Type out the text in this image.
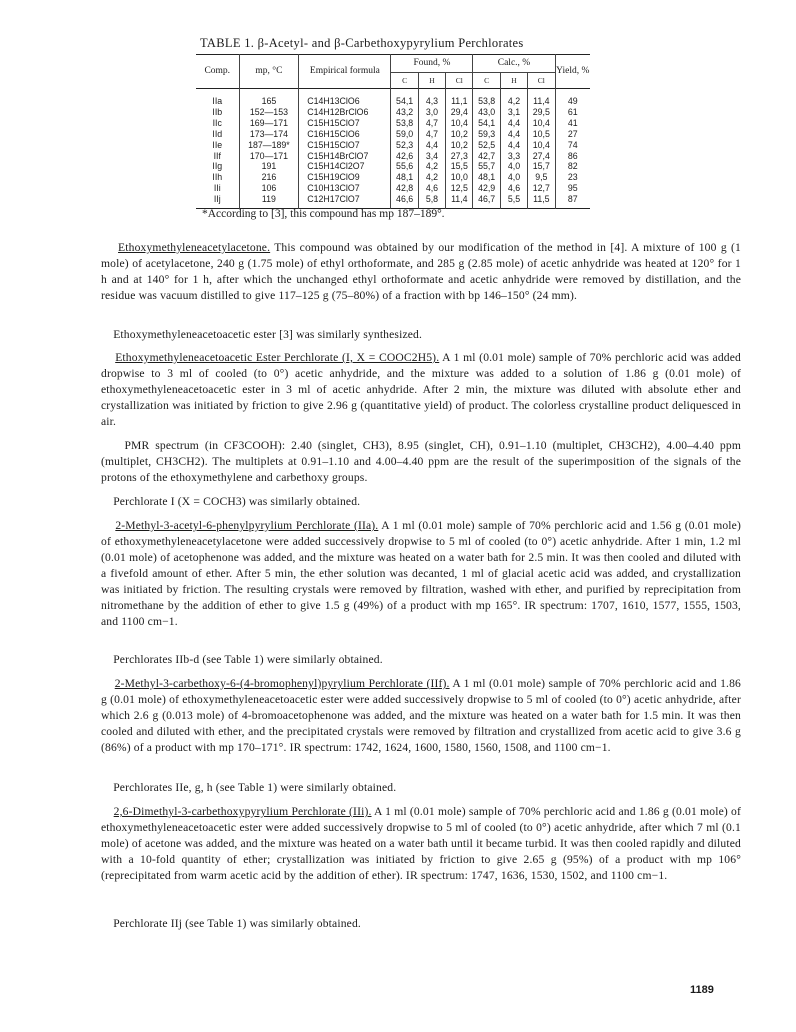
TABLE 1. β-Acetyl- and β-Carbethoxypyrylium Perchlorates
Comp.	mp, °C	Empirical formula	Found, %			Calc., %			Yield, %
			C	H	Cl	C	H	Cl	
IIa	165	C14H13ClO6	54,1	4,3	11,1	53,8	4,2	11,4	49
IIb	152—153	C14H12BrClO6	43,2	3,0	29,4	43,0	3,1	29,5	61
IIc	169—171	C15H15ClO7	53,8	4,7	10,4	54,1	4,4	10,4	41
IId	173—174	C16H15ClO6	59,0	4,7	10,2	59,3	4,4	10,5	27
IIe	187—189*	C15H15ClO7	52,3	4,4	10,2	52,5	4,4	10,4	74
IIf	170—171	C15H14BrClO7	42,6	3,4	27,3	42,7	3,3	27,4	86
IIg	191	C15H14Cl2O7	55,6	4,2	15,5	55,7	4,0	15,7	82
IIh	216	C15H19ClO9	48,1	4,2	10,0	48,1	4,0	9,5	23
IIi	106	C10H13ClO7	42,8	4,6	12,5	42,9	4,6	12,7	95
IIj	119	C12H17ClO7	46,6	5,8	11,4	46,7	5,5	11,5	87
*According to [3], this compound has mp 187–189°.
Ethoxymethyleneacetylacetone. This compound was obtained by our modification of the method in [4]. A mixture of 100 g (1 mole) of acetylacetone, 240 g (1.75 mole) of ethyl orthoformate, and 285 g (2.85 mole) of acetic anhydride was heated at 120° for 1 h and at 140° for 1 h, after which the unchanged ethyl orthoformate and acetic anhydride were removed by distillation, and the residue was vacuum distilled to give 117–125 g (75–80%) of a fraction with bp 146–150° (24 mm).
Ethoxymethyleneacetoacetic ester [3] was similarly synthesized.
Ethoxymethyleneacetoacetic Ester Perchlorate (I, X = COOC2H5). A 1 ml (0.01 mole) sample of 70% perchloric acid was added dropwise to 3 ml of cooled (to 0°) acetic anhydride, and the mixture was added to a solution of 1.86 g (0.01 mole) of ethoxymethyleneacetoacetic ester in 3 ml of acetic anhydride. After 2 min, the mixture was diluted with absolute ether and crystallization was initiated by friction to give 2.96 g (quantitative yield) of product. The colorless crystalline product deliquesced in air.
PMR spectrum (in CF3COOH): 2.40 (singlet, CH3), 8.95 (singlet, CH), 0.91–1.10 (multiplet, CH3CH2), 4.00–4.40 ppm (multiplet, CH3CH2). The multiplets at 0.91–1.10 and 4.00–4.40 ppm are the result of the superimposition of the signals of the protons of the ethoxymethylene and carbethoxy groups.
Perchlorate I (X = COCH3) was similarly obtained.
2-Methyl-3-acetyl-6-phenylpyrylium Perchlorate (IIa). A 1 ml (0.01 mole) sample of 70% perchloric acid and 1.56 g (0.01 mole) of ethoxymethyleneacetylacetone were added successively dropwise to 5 ml of cooled (to 0°) acetic anhydride. After 1 min, 1.2 ml (0.01 mole) of acetophenone was added, and the mixture was heated on a water bath for 2.5 min. It was then cooled and diluted with a fivefold amount of ether. After 5 min, the ether solution was decanted, 1 ml of glacial acetic acid was added, and crystallization was initiated by friction. The resulting crystals were removed by filtration, washed with ether, and purified by reprecipitation from nitromethane by the addition of ether to give 1.5 g (49%) of a product with mp 165°. IR spectrum: 1707, 1610, 1577, 1555, 1503, and 1100 cm−1.
Perchlorates IIb-d (see Table 1) were similarly obtained.
2-Methyl-3-carbethoxy-6-(4-bromophenyl)pyrylium Perchlorate (IIf). A 1 ml (0.01 mole) sample of 70% perchloric acid and 1.86 g (0.01 mole) of ethoxymethyleneacetoacetic ester were added successively dropwise to 5 ml of cooled (to 0°) acetic anhydride, after which 2.6 g (0.013 mole) of 4-bromoacetophenone was added, and the mixture was heated on a water bath for 1.5 min. It was then cooled and diluted with ether, and the precipitated crystals were removed by filtration and crystallized from acetic acid to give 3.6 g (86%) of a product with mp 170–171°. IR spectrum: 1742, 1624, 1600, 1580, 1560, 1508, and 1100 cm−1.
Perchlorates IIe, g, h (see Table 1) were similarly obtained.
2,6-Dimethyl-3-carbethoxypyrylium Perchlorate (IIi). A 1 ml (0.01 mole) sample of 70% perchloric acid and 1.86 g (0.01 mole) of ethoxymethyleneacetoacetic ester were added successively dropwise to 5 ml of cooled (to 0°) acetic anhydride, after which 7 ml (0.1 mole) of acetone was added, and the mixture was heated on a water bath until it became turbid. It was then cooled rapidly and diluted with a 10-fold quantity of ether; crystallization was initiated by friction to give 2.65 g (95%) of a product with mp 106° (reprecipitated from warm acetic acid by the addition of ether). IR spectrum: 1747, 1636, 1530, 1502, and 1100 cm−1.
Perchlorate IIj (see Table 1) was similarly obtained.
1189
